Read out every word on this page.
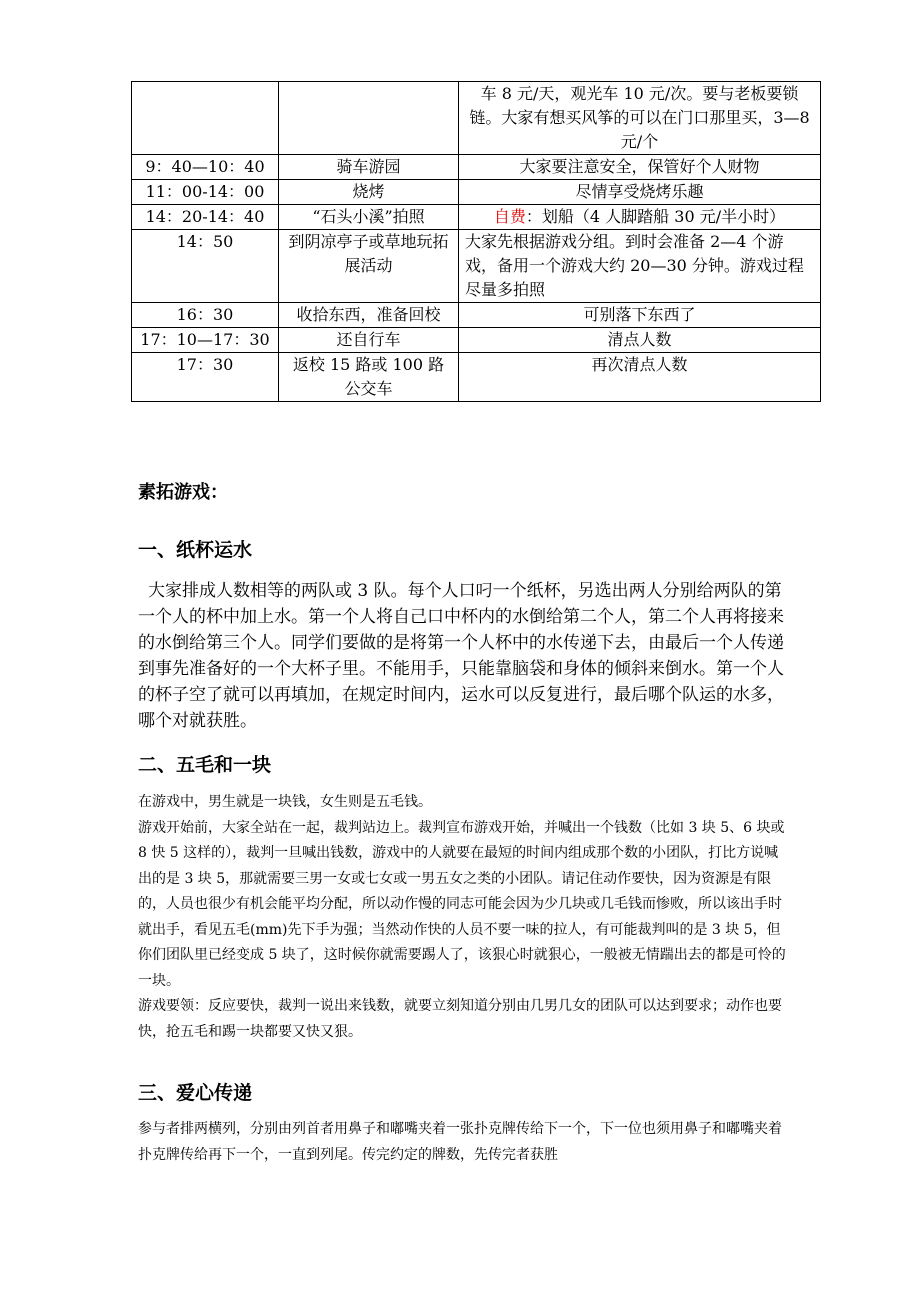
		车 8 元/天，观光车 10 元/次。要与老板要锁链。大家有想买风筝的可以在门口那里买，3—8 元/个
9：40—10：40	骑车游园	大家要注意安全，保管好个人财物
11：00-14：00	烧烤	尽情享受烧烤乐趣
14：20-14：40	“石头小溪”拍照	自费：划船（4 人脚踏船 30 元/半小时）
14：50	到阴凉亭子或草地玩拓展活动	大家先根据游戏分组。到时会准备 2—4 个游戏，备用一个游戏大约 20—30 分钟。游戏过程尽量多拍照
16：30	收拾东西，准备回校	可别落下东西了
17：10—17：30	还自行车	清点人数
17：30	返校 15 路或 100 路公交车	再次清点人数
素拓游戏：
一、纸杯运水

大家排成人数相等的两队或 3 队。每个人口叼一个纸杯，另选出两人分别给两队的第一个人的杯中加上水。第一个人将自己口中杯内的水倒给第二个人，第二个人再将接来的水倒给第三个人。同学们要做的是将第一个人杯中的水传递下去，由最后一个人传递到事先准备好的一个大杯子里。不能用手，只能靠脑袋和身体的倾斜来倒水。第一个人的杯子空了就可以再填加，在规定时间内，运水可以反复进行，最后哪个队运的水多，哪个对就获胜。

二、五毛和一块

在游戏中，男生就是一块钱，女生则是五毛钱。

游戏开始前，大家全站在一起，裁判站边上。裁判宣布游戏开始，并喊出一个钱数（比如 3 块 5、6 块或 8 快 5 这样的），裁判一旦喊出钱数，游戏中的人就要在最短的时间内组成那个数的小团队，打比方说喊出的是 3 块 5，那就需要三男一女或七女或一男五女之类的小团队。请记住动作要快，因为资源是有限的，人员也很少有机会能平均分配，所以动作慢的同志可能会因为少几块或几毛钱而惨败，所以该出手时就出手，看见五毛(mm)先下手为强；当然动作快的人员不要一味的拉人，有可能裁判叫的是 3 块 5，但你们团队里已经变成 5 块了，这时候你就需要踢人了，该狠心时就狠心，一般被无情踹出去的都是可怜的一块。

游戏要领：反应要快，裁判一说出来钱数，就要立刻知道分别由几男几女的团队可以达到要求；动作也要快，抢五毛和踢一块都要又快又狠。

三、爱心传递

参与者排两横列，分别由列首者用鼻子和嘟嘴夹着一张扑克牌传给下一个，下一位也须用鼻子和嘟嘴夹着扑克牌传给再下一个，一直到列尾。传完约定的牌数，先传完者获胜
